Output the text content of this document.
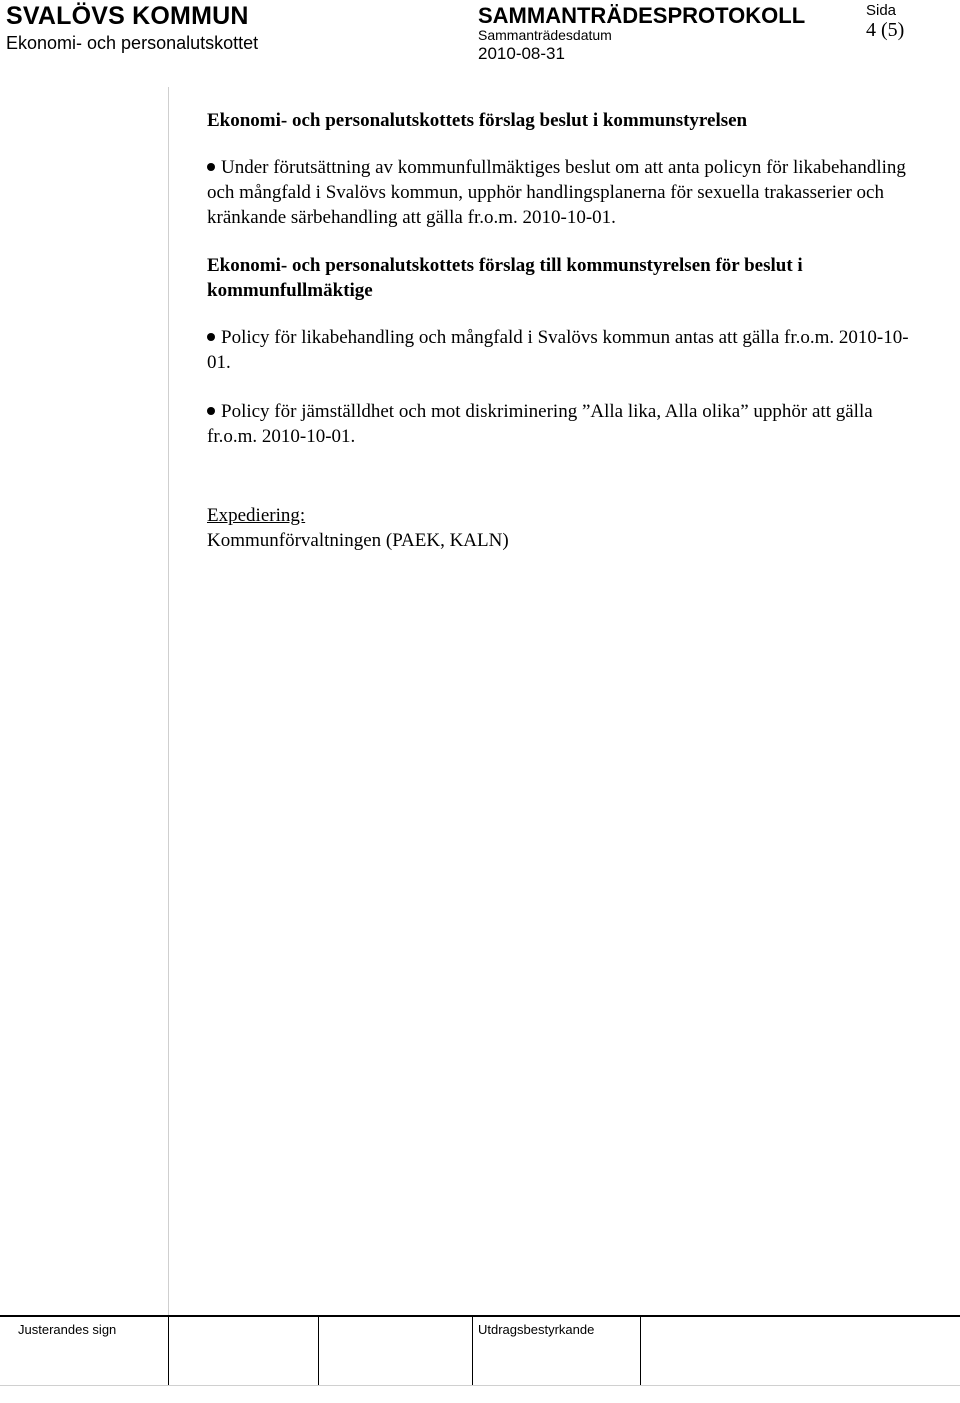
SVALÖVS KOMMUN
Ekonomi- och personalutskottet
SAMMANTRÄDESPROTOKOLL
Sammanträdesdatum
2010-08-31
Sida
4 (5)

Ekonomi- och personalutskottets förslag beslut i kommunstyrelsen

Under förutsättning av kommunfullmäktiges beslut om att anta policyn för likabehandling och mångfald i Svalövs kommun, upphör handlingsplanerna för sexuella trakasserier och kränkande särbehandling att gälla fr.o.m. 2010-10-01.

Ekonomi- och personalutskottets förslag till kommunstyrelsen för beslut i kommunfullmäktige

Policy för likabehandling och mångfald i Svalövs kommun antas att gälla fr.o.m. 2010-10-01.
Policy för jämställdhet och mot diskriminering ”Alla lika, Alla olika” upphör att gälla fr.o.m. 2010-10-01.
Expediering:
Kommunförvaltningen (PAEK, KALN)
Justerandes sign	Utdragsbestyrkande
